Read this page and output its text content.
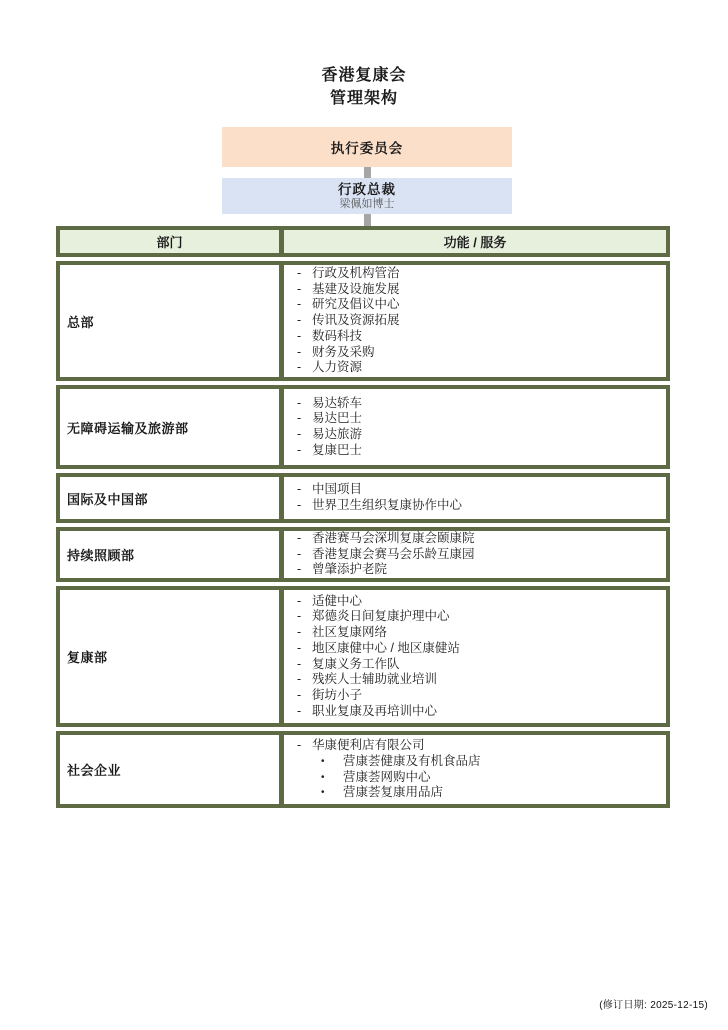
香港复康会
管理架构
执行委员会
行政总裁
梁佩如博士
部门	功能 / 服务
总部
- 行政及机构管治
- 基建及设施发展
- 研究及倡议中心
- 传讯及资源拓展
- 数码科技
- 财务及采购
- 人力资源
无障碍运输及旅游部
- 易达轿车
- 易达巴士
- 易达旅游
- 复康巴士
国际及中国部
- 中国项目
- 世界卫生组织复康协作中心
持续照顾部
- 香港赛马会深圳复康会颐康院
- 香港复康会赛马会乐龄互康园
- 曾肇添护老院
复康部
- 适健中心
- 郑德炎日间复康护理中心
- 社区复康网络
- 地区康健中心 / 地区康健站
- 复康义务工作队
- 残疾人士辅助就业培训
- 街坊小子
- 职业复康及再培训中心
社会企业
- 华康便利店有限公司
•	营康荟健康及有机食品店
•	营康荟网购中心
•	营康荟复康用品店
(修订日期: 2025-12-15)
